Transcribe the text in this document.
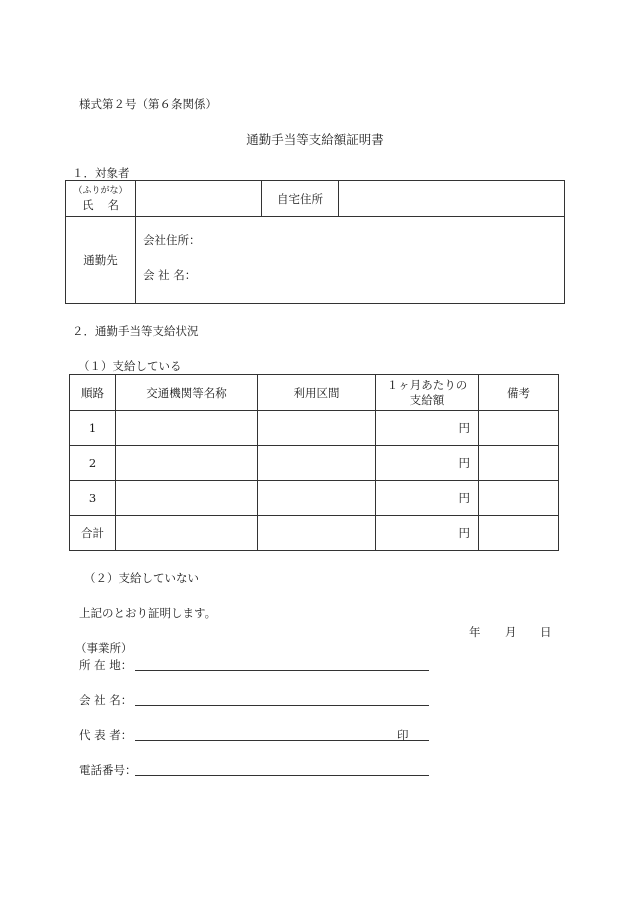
様式第２号（第６条関係）
通勤手当等支給額証明書
１．対象者
（ふりがな）
氏名		自宅住所	
通勤先	会社住所：
会 社 名：		
２．通勤手当等支給状況
（１）支給している
順路	交通機関等名称	利用区間	１ヶ月あたりの
支給額	備考
1			円	
2			円	
3			円	
合計			円	
（２）支給していない
上記のとおり証明します。
年 月 日
（事業所）
所 在 地：
会 社 名：
代 表 者：	印
電話番号：
